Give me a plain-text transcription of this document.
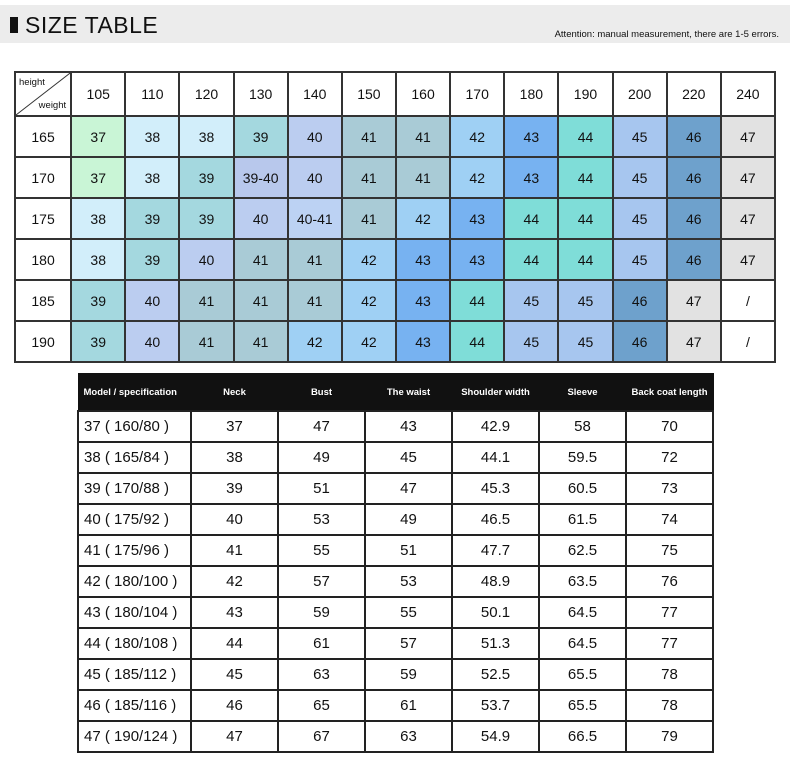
SIZE TABLE	Attention: manual measurement, there are 1-5 errors.
height
weight	105	110	120	130	140	150	160	170	180	190	200	220	240
165	37	38	38	39	40	41	41	42	43	44	45	46	47
170	37	38	39	39-40	40	41	41	42	43	44	45	46	47
175	38	39	39	40	40-41	41	42	43	44	44	45	46	47
180	38	39	40	41	41	42	43	43	44	44	45	46	47
185	39	40	41	41	41	42	43	44	45	45	46	47	/
190	39	40	41	41	42	42	43	44	45	45	46	47	/
Model / specification	Neck	Bust	The waist	Shoulder width	Sleeve	Back coat length
37 ( 160/80 )	37	47	43	42.9	58	70
38 ( 165/84 )	38	49	45	44.1	59.5	72
39 ( 170/88 )	39	51	47	45.3	60.5	73
40 ( 175/92 )	40	53	49	46.5	61.5	74
41 ( 175/96 )	41	55	51	47.7	62.5	75
42 ( 180/100 )	42	57	53	48.9	63.5	76
43 ( 180/104 )	43	59	55	50.1	64.5	77
44 ( 180/108 )	44	61	57	51.3	64.5	77
45 ( 185/112 )	45	63	59	52.5	65.5	78
46 ( 185/116 )	46	65	61	53.7	65.5	78
47 ( 190/124 )	47	67	63	54.9	66.5	79
